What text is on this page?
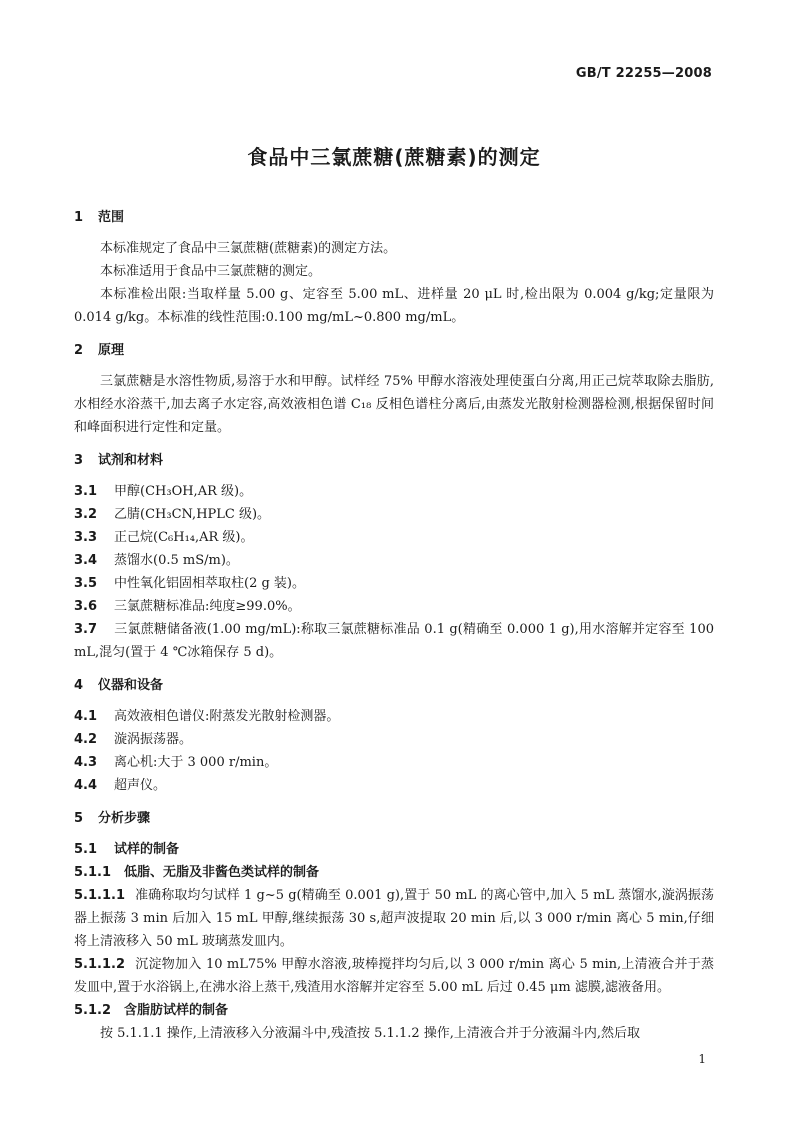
GB/T 22255—2008
食品中三氯蔗糖(蔗糖素)的测定
1 范围
本标准规定了食品中三氯蔗糖(蔗糖素)的测定方法。
本标准适用于食品中三氯蔗糖的测定。
本标准检出限:当取样量 5.00 g、定容至 5.00 mL、进样量 20 μL 时,检出限为 0.004 g/kg;定量限为 0.014 g/kg。本标准的线性范围:0.100 mg/mL~0.800 mg/mL。
2 原理
三氯蔗糖是水溶性物质,易溶于水和甲醇。试样经 75% 甲醇水溶液处理使蛋白分离,用正己烷萃取除去脂肪,水相经水浴蒸干,加去离子水定容,高效液相色谱 C₁₈ 反相色谱柱分离后,由蒸发光散射检测器检测,根据保留时间和峰面积进行定性和定量。
3 试剂和材料
3.1 甲醇(CH₃OH,AR 级)。
3.2 乙腈(CH₃CN,HPLC 级)。
3.3 正己烷(C₆H₁₄,AR 级)。
3.4 蒸馏水(0.5 mS/m)。
3.5 中性氧化铝固相萃取柱(2 g 装)。
3.6 三氯蔗糖标准品:纯度≥99.0%。
3.7 三氯蔗糖储备液(1.00 mg/mL):称取三氯蔗糖标准品 0.1 g(精确至 0.000 1 g),用水溶解并定容至 100 mL,混匀(置于 4 ℃冰箱保存 5 d)。
4 仪器和设备
4.1 高效液相色谱仪:附蒸发光散射检测器。
4.2 漩涡振荡器。
4.3 离心机:大于 3 000 r/min。
4.4 超声仪。
5 分析步骤
5.1 试样的制备
5.1.1 低脂、无脂及非酱色类试样的制备
5.1.1.1 准确称取均匀试样 1 g~5 g(精确至 0.001 g),置于 50 mL 的离心管中,加入 5 mL 蒸馏水,漩涡振荡器上振荡 3 min 后加入 15 mL 甲醇,继续振荡 30 s,超声波提取 20 min 后,以 3 000 r/min 离心 5 min,仔细将上清液移入 50 mL 玻璃蒸发皿内。
5.1.1.2 沉淀物加入 10 mL75% 甲醇水溶液,玻棒搅拌均匀后,以 3 000 r/min 离心 5 min,上清液合并于蒸发皿中,置于水浴锅上,在沸水浴上蒸干,残渣用水溶解并定容至 5.00 mL 后过 0.45 μm 滤膜,滤液备用。
5.1.2 含脂肪试样的制备
按 5.1.1.1 操作,上清液移入分液漏斗中,残渣按 5.1.1.2 操作,上清液合并于分液漏斗内,然后取
1
